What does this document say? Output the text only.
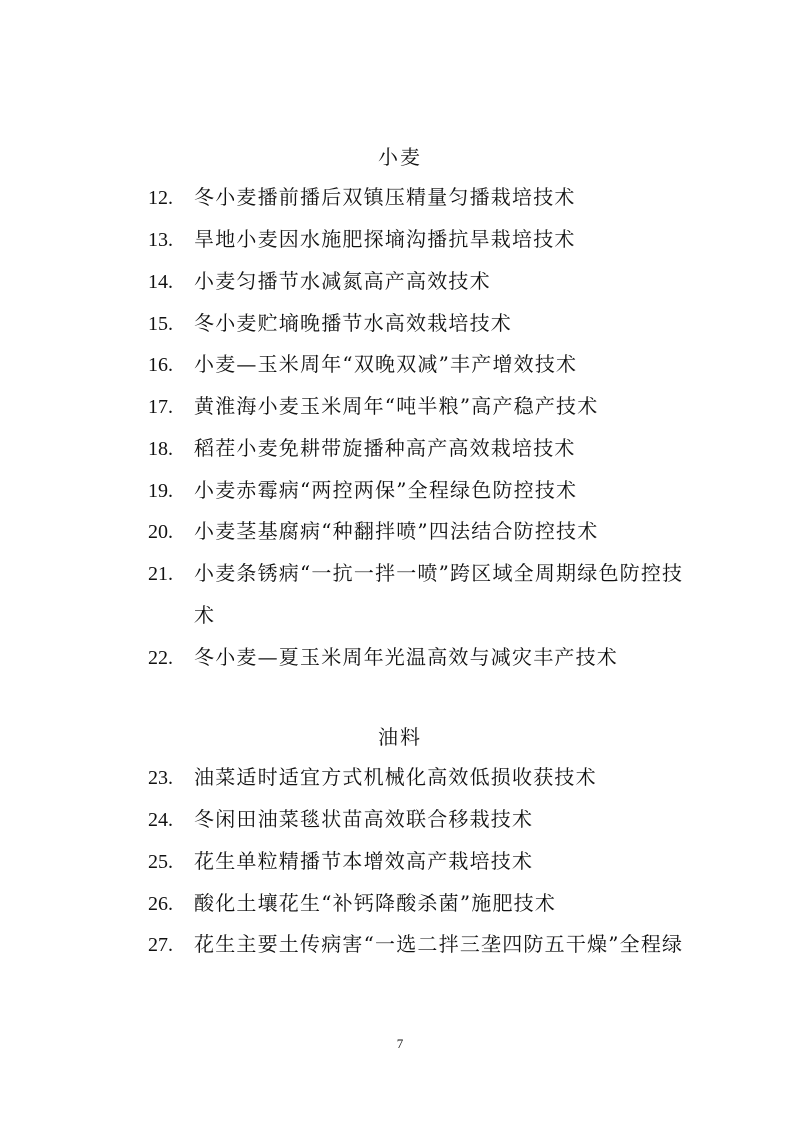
小麦
12. 冬小麦播前播后双镇压精量匀播栽培技术
13. 旱地小麦因水施肥探墒沟播抗旱栽培技术
14. 小麦匀播节水减氮高产高效技术
15. 冬小麦贮墒晚播节水高效栽培技术
16. 小麦—玉米周年“双晚双减”丰产增效技术
17. 黄淮海小麦玉米周年“吨半粮”高产稳产技术
18. 稻茬小麦免耕带旋播种高产高效栽培技术
19. 小麦赤霉病“两控两保”全程绿色防控技术
20. 小麦茎基腐病“种翻拌喷”四法结合防控技术
21. 小麦条锈病“一抗一拌一喷”跨区域全周期绿色防控技
术
22. 冬小麦—夏玉米周年光温高效与减灾丰产技术
油料
23. 油菜适时适宜方式机械化高效低损收获技术
24. 冬闲田油菜毯状苗高效联合移栽技术
25. 花生单粒精播节本增效高产栽培技术
26. 酸化土壤花生“补钙降酸杀菌”施肥技术
27. 花生主要土传病害“一选二拌三垄四防五干燥”全程绿
7
